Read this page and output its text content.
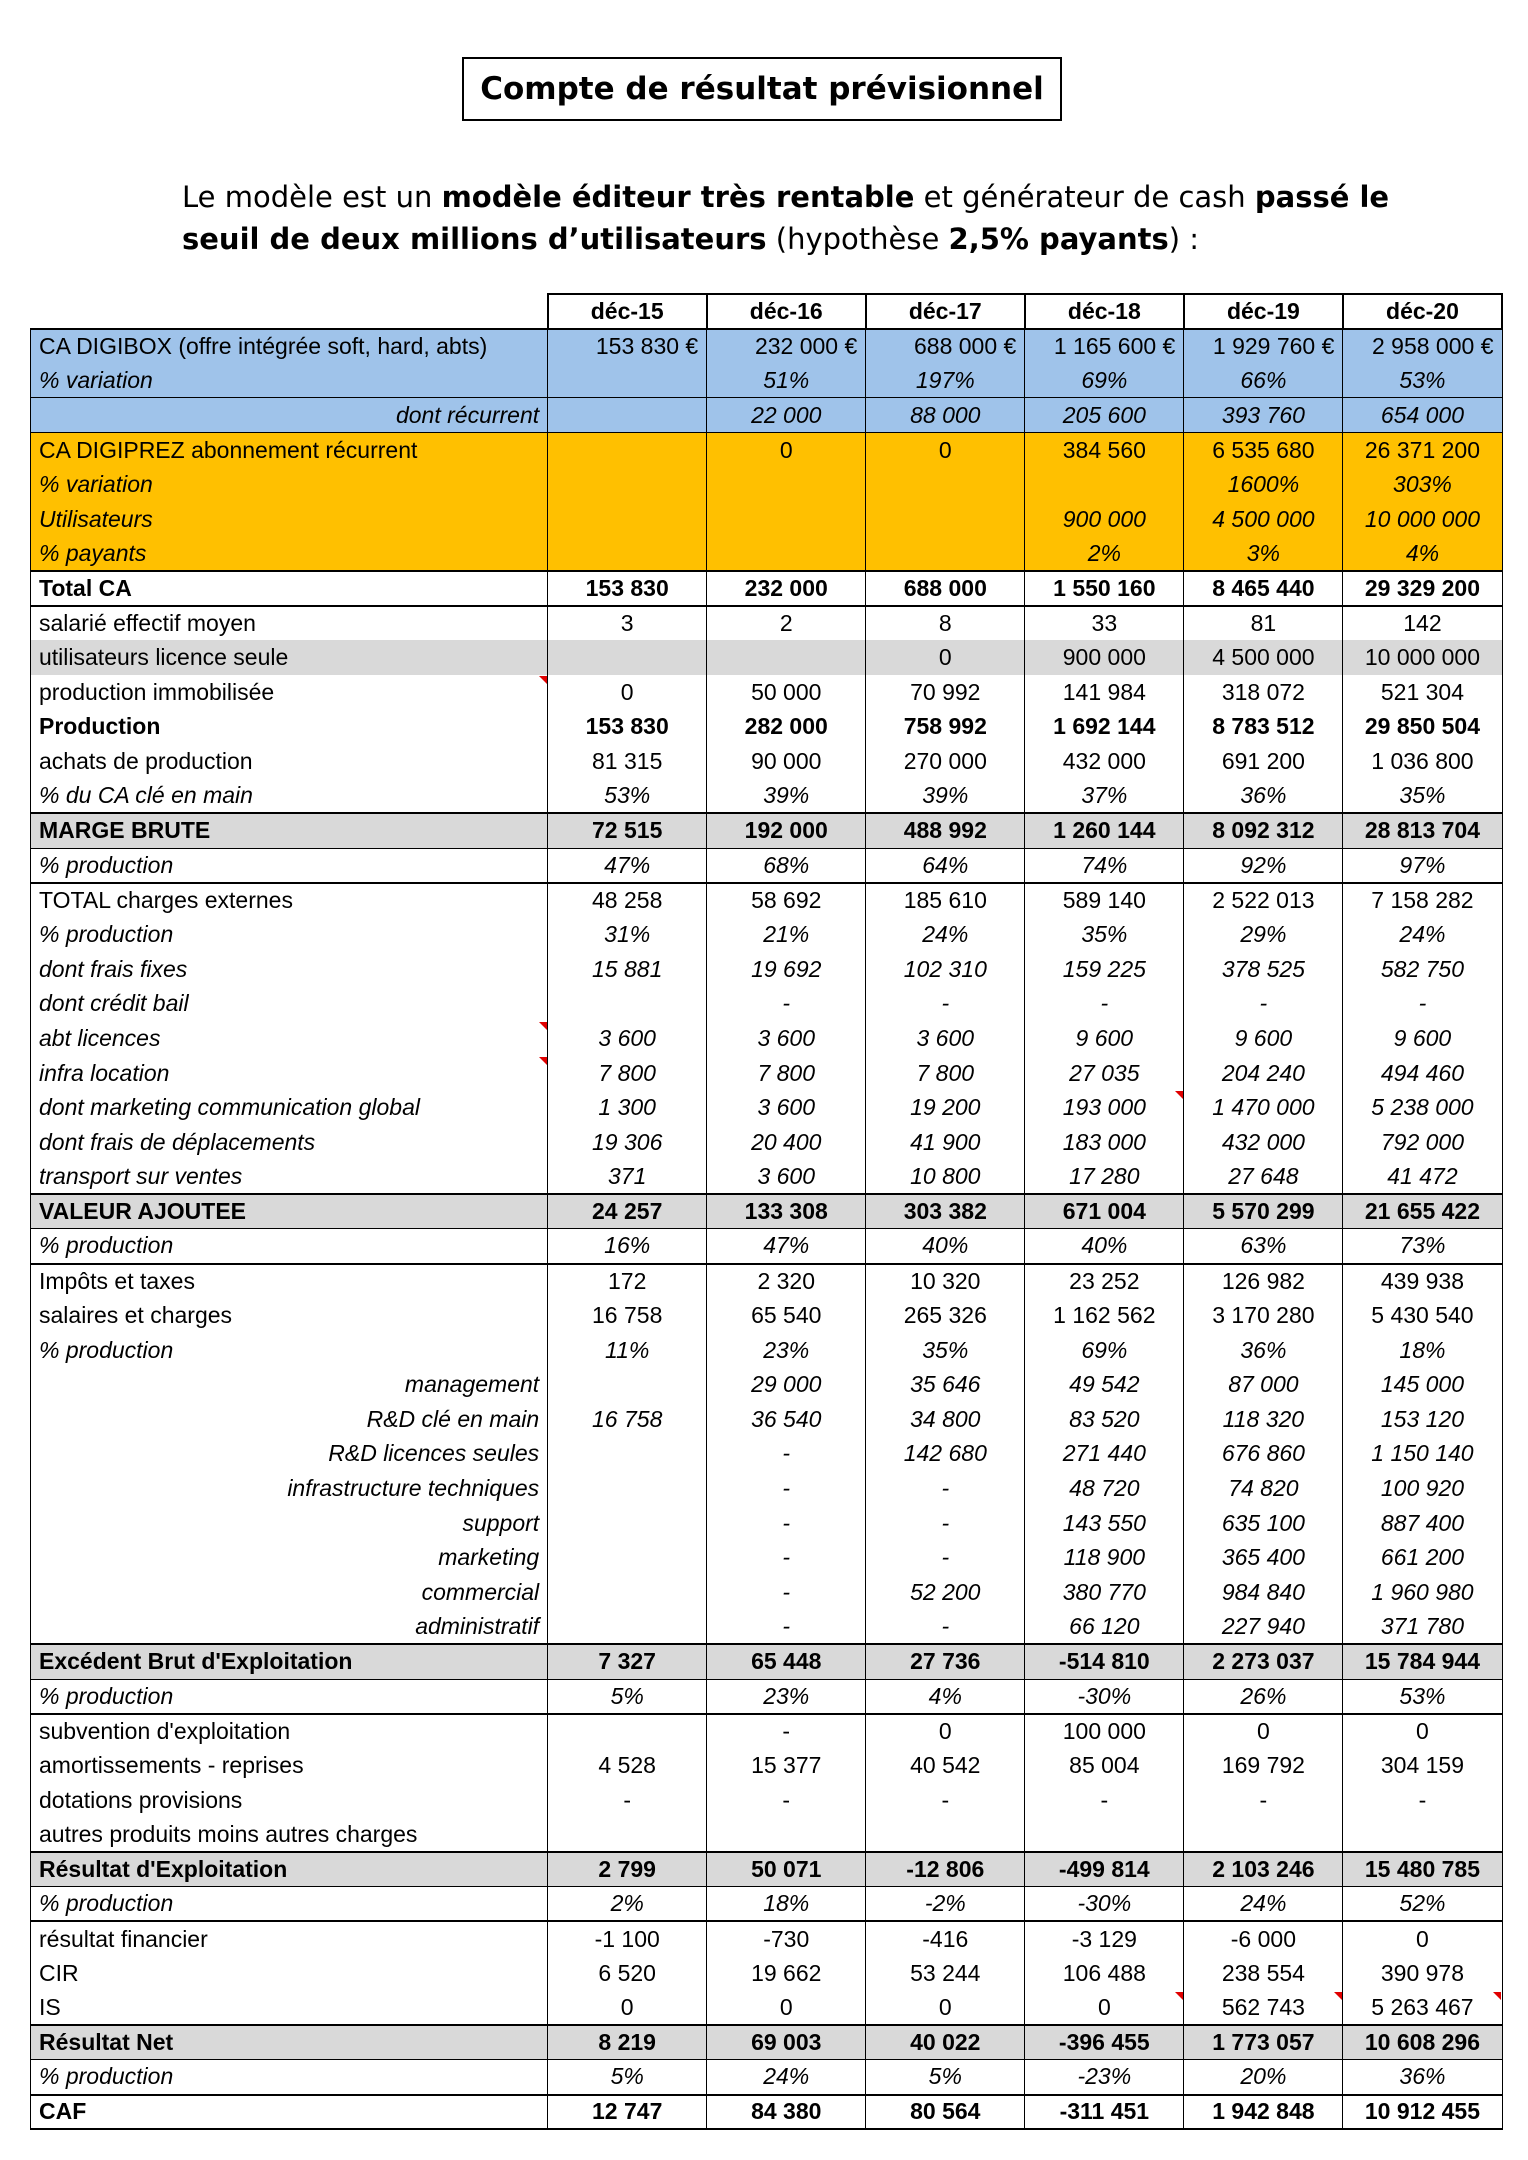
Compte de résultat prévisionnel
Le modèle est un modèle éditeur très rentable et générateur de cash passé le seuil de deux millions d’utilisateurs (hypothèse 2,5% payants) :
	déc-15	déc-16	déc-17	déc-18	déc-19	déc-20
CA DIGIBOX (offre intégrée soft, hard, abts)	153 830 €	232 000 €	688 000 €	1 165 600 €	1 929 760 €	2 958 000 €
% variation		51%	197%	69%	66%	53%
dont récurrent		22 000	88 000	205 600	393 760	654 000
CA DIGIPREZ abonnement récurrent		0	0	384 560	6 535 680	26 371 200
% variation					1600%	303%
Utilisateurs				900 000	4 500 000	10 000 000
% payants				2%	3%	4%
Total CA	153 830	232 000	688 000	1 550 160	8 465 440	29 329 200
salarié effectif moyen	3	2	8	33	81	142
utilisateurs licence seule			0	900 000	4 500 000	10 000 000
production immobilisée	0	50 000	70 992	141 984	318 072	521 304
Production	153 830	282 000	758 992	1 692 144	8 783 512	29 850 504
achats de production	81 315	90 000	270 000	432 000	691 200	1 036 800
% du CA clé en main	53%	39%	39%	37%	36%	35%
MARGE BRUTE	72 515	192 000	488 992	1 260 144	8 092 312	28 813 704
% production	47%	68%	64%	74%	92%	97%
TOTAL charges externes	48 258	58 692	185 610	589 140	2 522 013	7 158 282
% production	31%	21%	24%	35%	29%	24%
dont frais fixes	15 881	19 692	102 310	159 225	378 525	582 750
dont crédit bail		-	-	-	-	-
abt licences	3 600	3 600	3 600	9 600	9 600	9 600
infra location	7 800	7 800	7 800	27 035	204 240	494 460
dont marketing communication global	1 300	3 600	19 200	193 000	1 470 000	5 238 000
dont frais de déplacements	19 306	20 400	41 900	183 000	432 000	792 000
transport sur ventes	371	3 600	10 800	17 280	27 648	41 472
VALEUR AJOUTEE	24 257	133 308	303 382	671 004	5 570 299	21 655 422
% production	16%	47%	40%	40%	63%	73%
Impôts et taxes	172	2 320	10 320	23 252	126 982	439 938
salaires et charges	16 758	65 540	265 326	1 162 562	3 170 280	5 430 540
% production	11%	23%	35%	69%	36%	18%
management		29 000	35 646	49 542	87 000	145 000
R&D clé en main	16 758	36 540	34 800	83 520	118 320	153 120
R&D licences seules		-	142 680	271 440	676 860	1 150 140
infrastructure techniques		-	-	48 720	74 820	100 920
support		-	-	143 550	635 100	887 400
marketing		-	-	118 900	365 400	661 200
commercial		-	52 200	380 770	984 840	1 960 980
administratif		-	-	66 120	227 940	371 780
Excédent Brut d'Exploitation	7 327	65 448	27 736	-514 810	2 273 037	15 784 944
% production	5%	23%	4%	-30%	26%	53%
subvention d'exploitation		-	0	100 000	0	0
amortissements - reprises	4 528	15 377	40 542	85 004	169 792	304 159
dotations provisions	-	-	-	-	-	-
autres produits moins autres charges						
Résultat d'Exploitation	2 799	50 071	-12 806	-499 814	2 103 246	15 480 785
% production	2%	18%	-2%	-30%	24%	52%
résultat financier	-1 100	-730	-416	-3 129	-6 000	0
CIR	6 520	19 662	53 244	106 488	238 554	390 978
IS	0	0	0	0	562 743	5 263 467
Résultat Net	8 219	69 003	40 022	-396 455	1 773 057	10 608 296
% production	5%	24%	5%	-23%	20%	36%
CAF	12 747	84 380	80 564	-311 451	1 942 848	10 912 455
